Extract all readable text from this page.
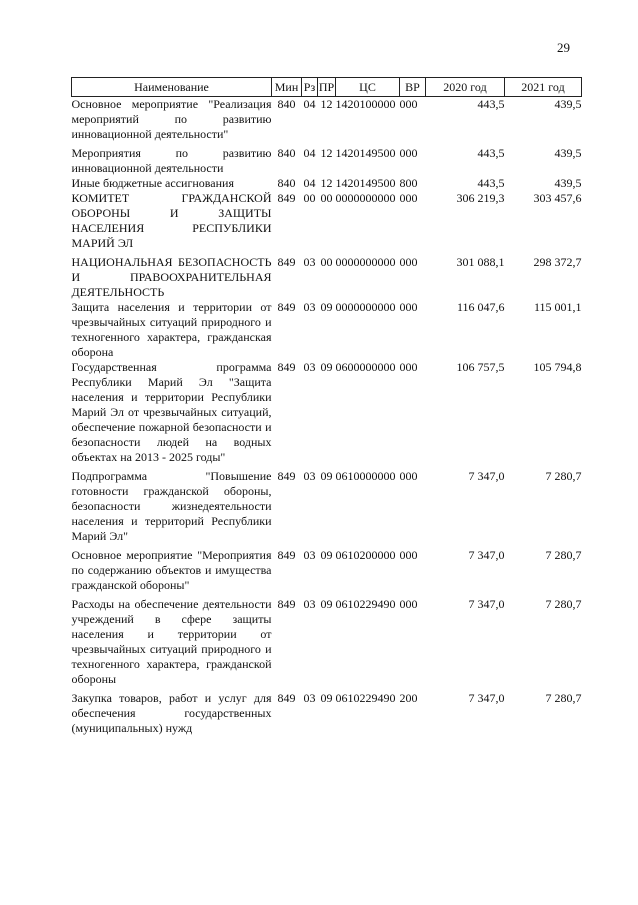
29
Наименование	Мин	Рз	ПР	ЦС	ВР	2020 год	2021 год
Основное мероприятие "Реализация мероприятий по развитию инновационной деятельности"	840	04	12	1420100000	000	443,5	439,5
Мероприятия по развитию инновационной деятельности	840	04	12	1420149500	000	443,5	439,5
Иные бюджетные ассигнования	840	04	12	1420149500	800	443,5	439,5
КОМИТЕТ ГРАЖДАНСКОЙ ОБОРОНЫ И ЗАЩИТЫ НАСЕЛЕНИЯ РЕСПУБЛИКИ МАРИЙ ЭЛ	849	00	00	0000000000	000	306 219,3	303 457,6
НАЦИОНАЛЬНАЯ БЕЗОПАСНОСТЬ И ПРАВООХРАНИТЕЛЬНАЯ ДЕЯТЕЛЬНОСТЬ	849	03	00	0000000000	000	301 088,1	298 372,7
Защита населения и территории от чрезвычайных ситуаций природного и техногенного характера, гражданская оборона	849	03	09	0000000000	000	116 047,6	115 001,1
Государственная программа Республики Марий Эл "Защита населения и территории Республики Марий Эл от чрезвычайных ситуаций, обеспечение пожарной безопасности и безопасности людей на водных объектах на 2013 - 2025 годы"	849	03	09	0600000000	000	106 757,5	105 794,8
Подпрограмма "Повышение готовности гражданской обороны, безопасности жизнедеятельности населения и территорий Республики Марий Эл"	849	03	09	0610000000	000	7 347,0	7 280,7
Основное мероприятие "Мероприятия по содержанию объектов и имущества гражданской обороны"	849	03	09	0610200000	000	7 347,0	7 280,7
Расходы на обеспечение деятельности учреждений в сфере защиты населения и территории от чрезвычайных ситуаций природного и техногенного характера, гражданской обороны	849	03	09	0610229490	000	7 347,0	7 280,7
Закупка товаров, работ и услуг для обеспечения государственных (муниципальных) нужд	849	03	09	0610229490	200	7 347,0	7 280,7
